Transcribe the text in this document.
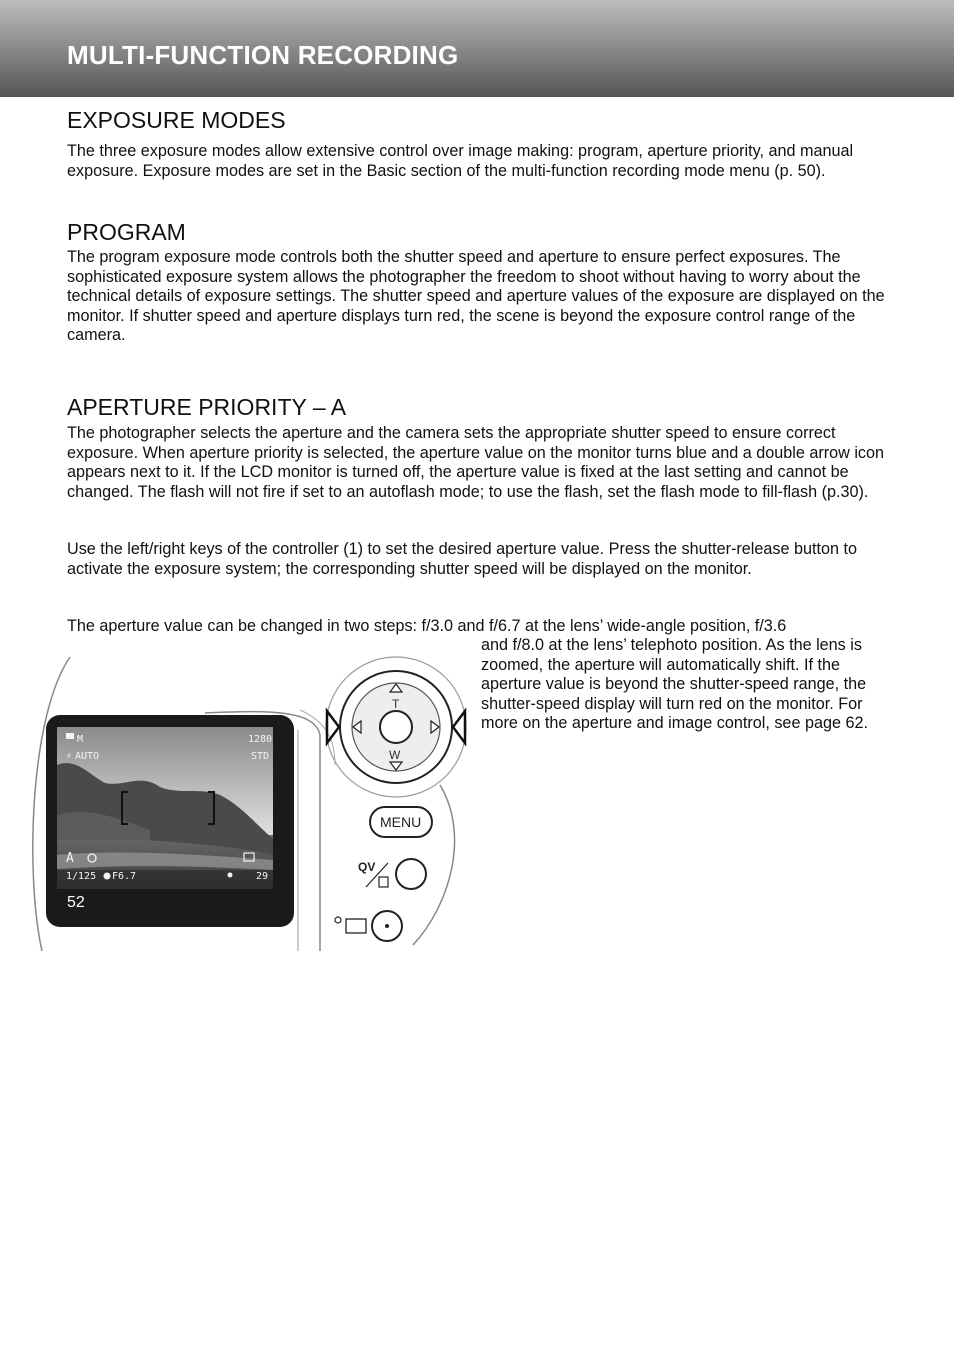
MULTI-FUNCTION RECORDING
EXPOSURE MODES
The three exposure modes allow extensive control over image making: program, aperture priority, and manual exposure. Exposure modes are set in the Basic section of the multi-function recording mode menu (p. 50).
PROGRAM
The program exposure mode controls both the shutter speed and aperture to ensure perfect exposures. The sophisticated exposure system allows the photographer the freedom to shoot without having to worry about the technical details of exposure settings. The shutter speed and aperture values of the exposure are displayed on the monitor. If shutter speed and aperture displays turn red, the scene is beyond the exposure control range of the camera.
APERTURE PRIORITY – A
The photographer selects the aperture and the camera sets the appropriate shutter speed to ensure correct exposure. When aperture priority is selected, the aperture value on the monitor turns blue and a double arrow icon appears next to it. If the LCD monitor is turned off, the aperture value is fixed at the last setting and cannot be changed. The flash will not fire if set to an autoflash mode; to use the flash, set the flash mode to fill-flash (p.30).
Use the left/right keys of the controller (1) to set the desired aperture value. Press the shutter-release button to activate the exposure system; the corresponding shutter speed will be displayed on the monitor.
The aperture value can be changed in two steps: f/3.0 and f/6.7 at the lens’ wide-angle position, f/3.6
and f/8.0 at the lens’ telephoto position. As the lens is zoomed, the aperture will automatically shift. If the aperture value is beyond the shutter-speed range, the shutter-speed display will turn red on the monitor. For more on the aperture and image control, see page 62.
M
⚡ AUTO
1280
STD
A
1/125 F6.7	29
T
W
MENU
QV
52
